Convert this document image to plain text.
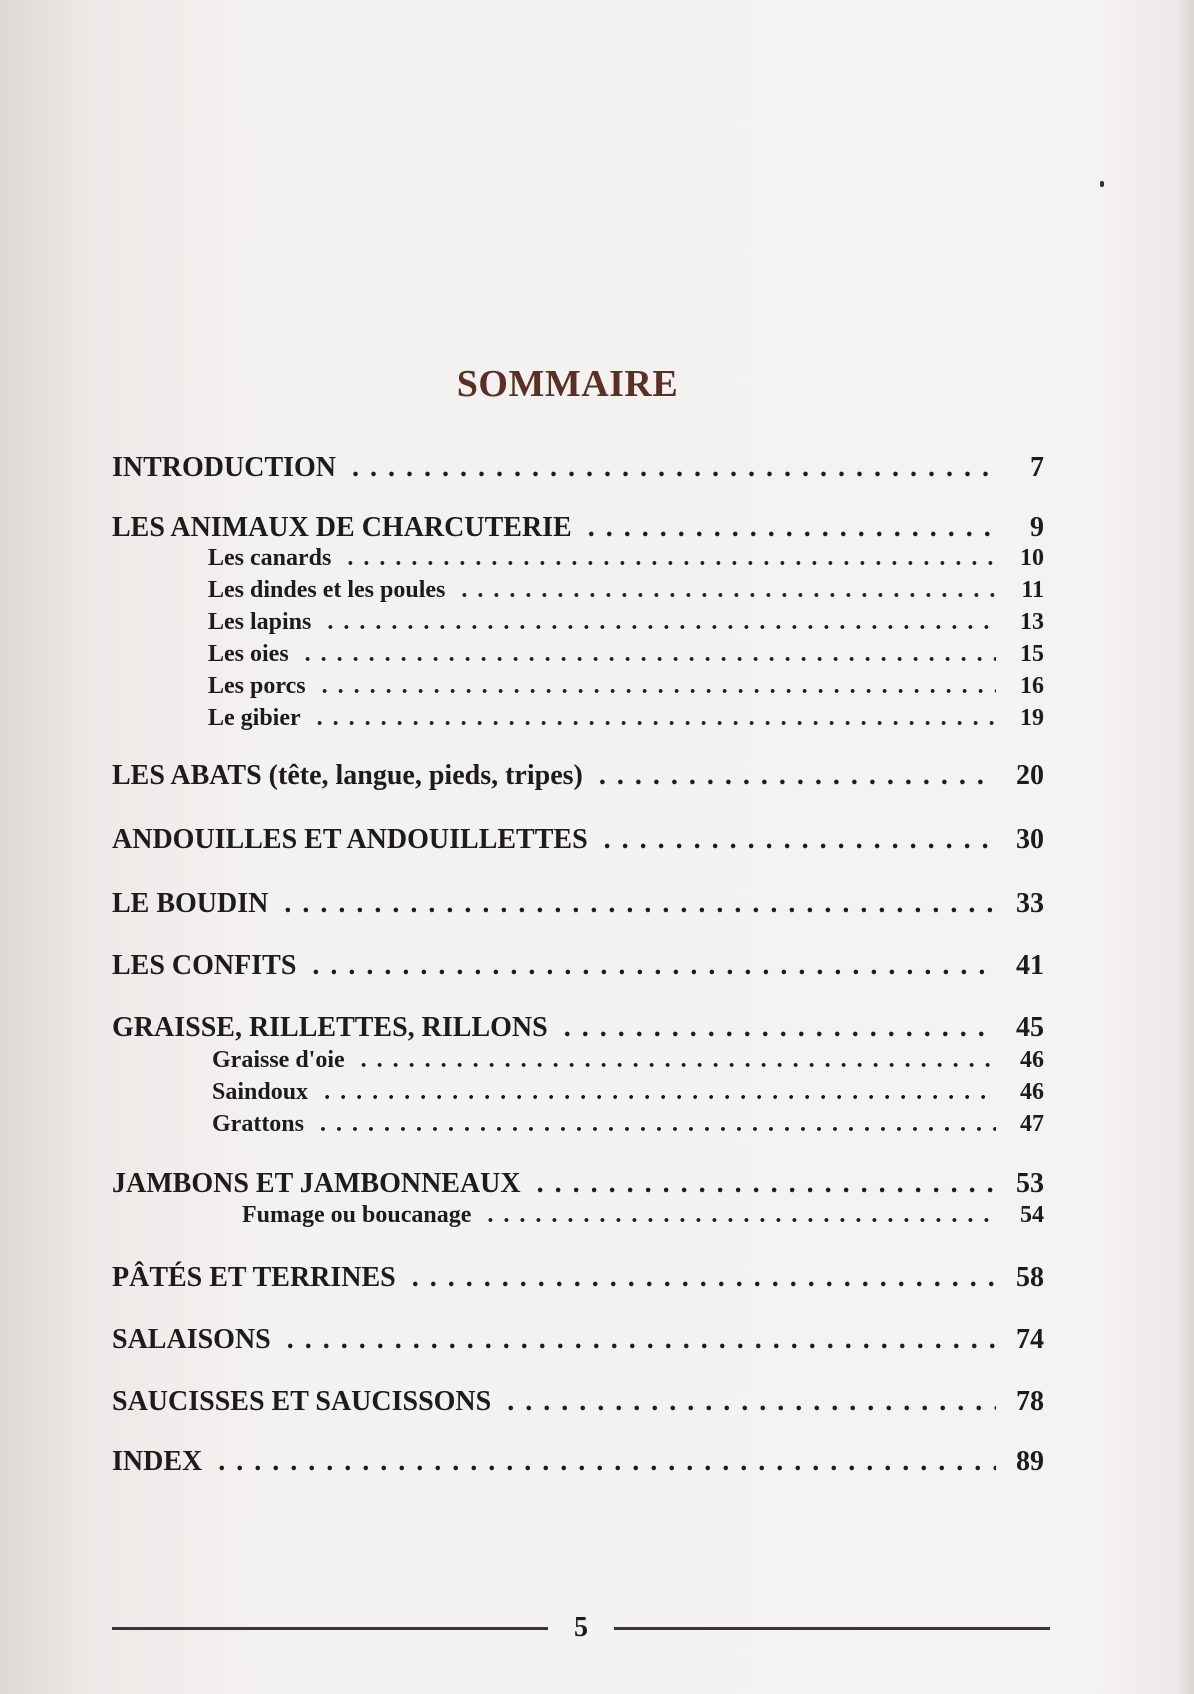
SOMMAIRE
INTRODUCTION . . .	7
LES ANIMAUX DE CHARCUTERIE . . .	9
Les canards . . .	10
Les dindes et les poules . . .	11
Les lapins . . .	13
Les oies . . .	15
Les porcs . . .	16
Le gibier . . .	19
LES ABATS (tête, langue, pieds, tripes) . . .	20
ANDOUILLES ET ANDOUILLETTES . . .	30
LE BOUDIN . . .	33
LES CONFITS . . .	41
GRAISSE, RILLETTES, RILLONS . . .	45
Graisse d'oie . . .	46
Saindoux . . .	46
Grattons . . .	47
JAMBONS ET JAMBONNEAUX . . .	53
Fumage ou boucanage . . .	54
PÂTÉS ET TERRINES . . .	58
SALAISONS . . .	74
SAUCISSES ET SAUCISSONS . . .	78
INDEX . . .	89
5
